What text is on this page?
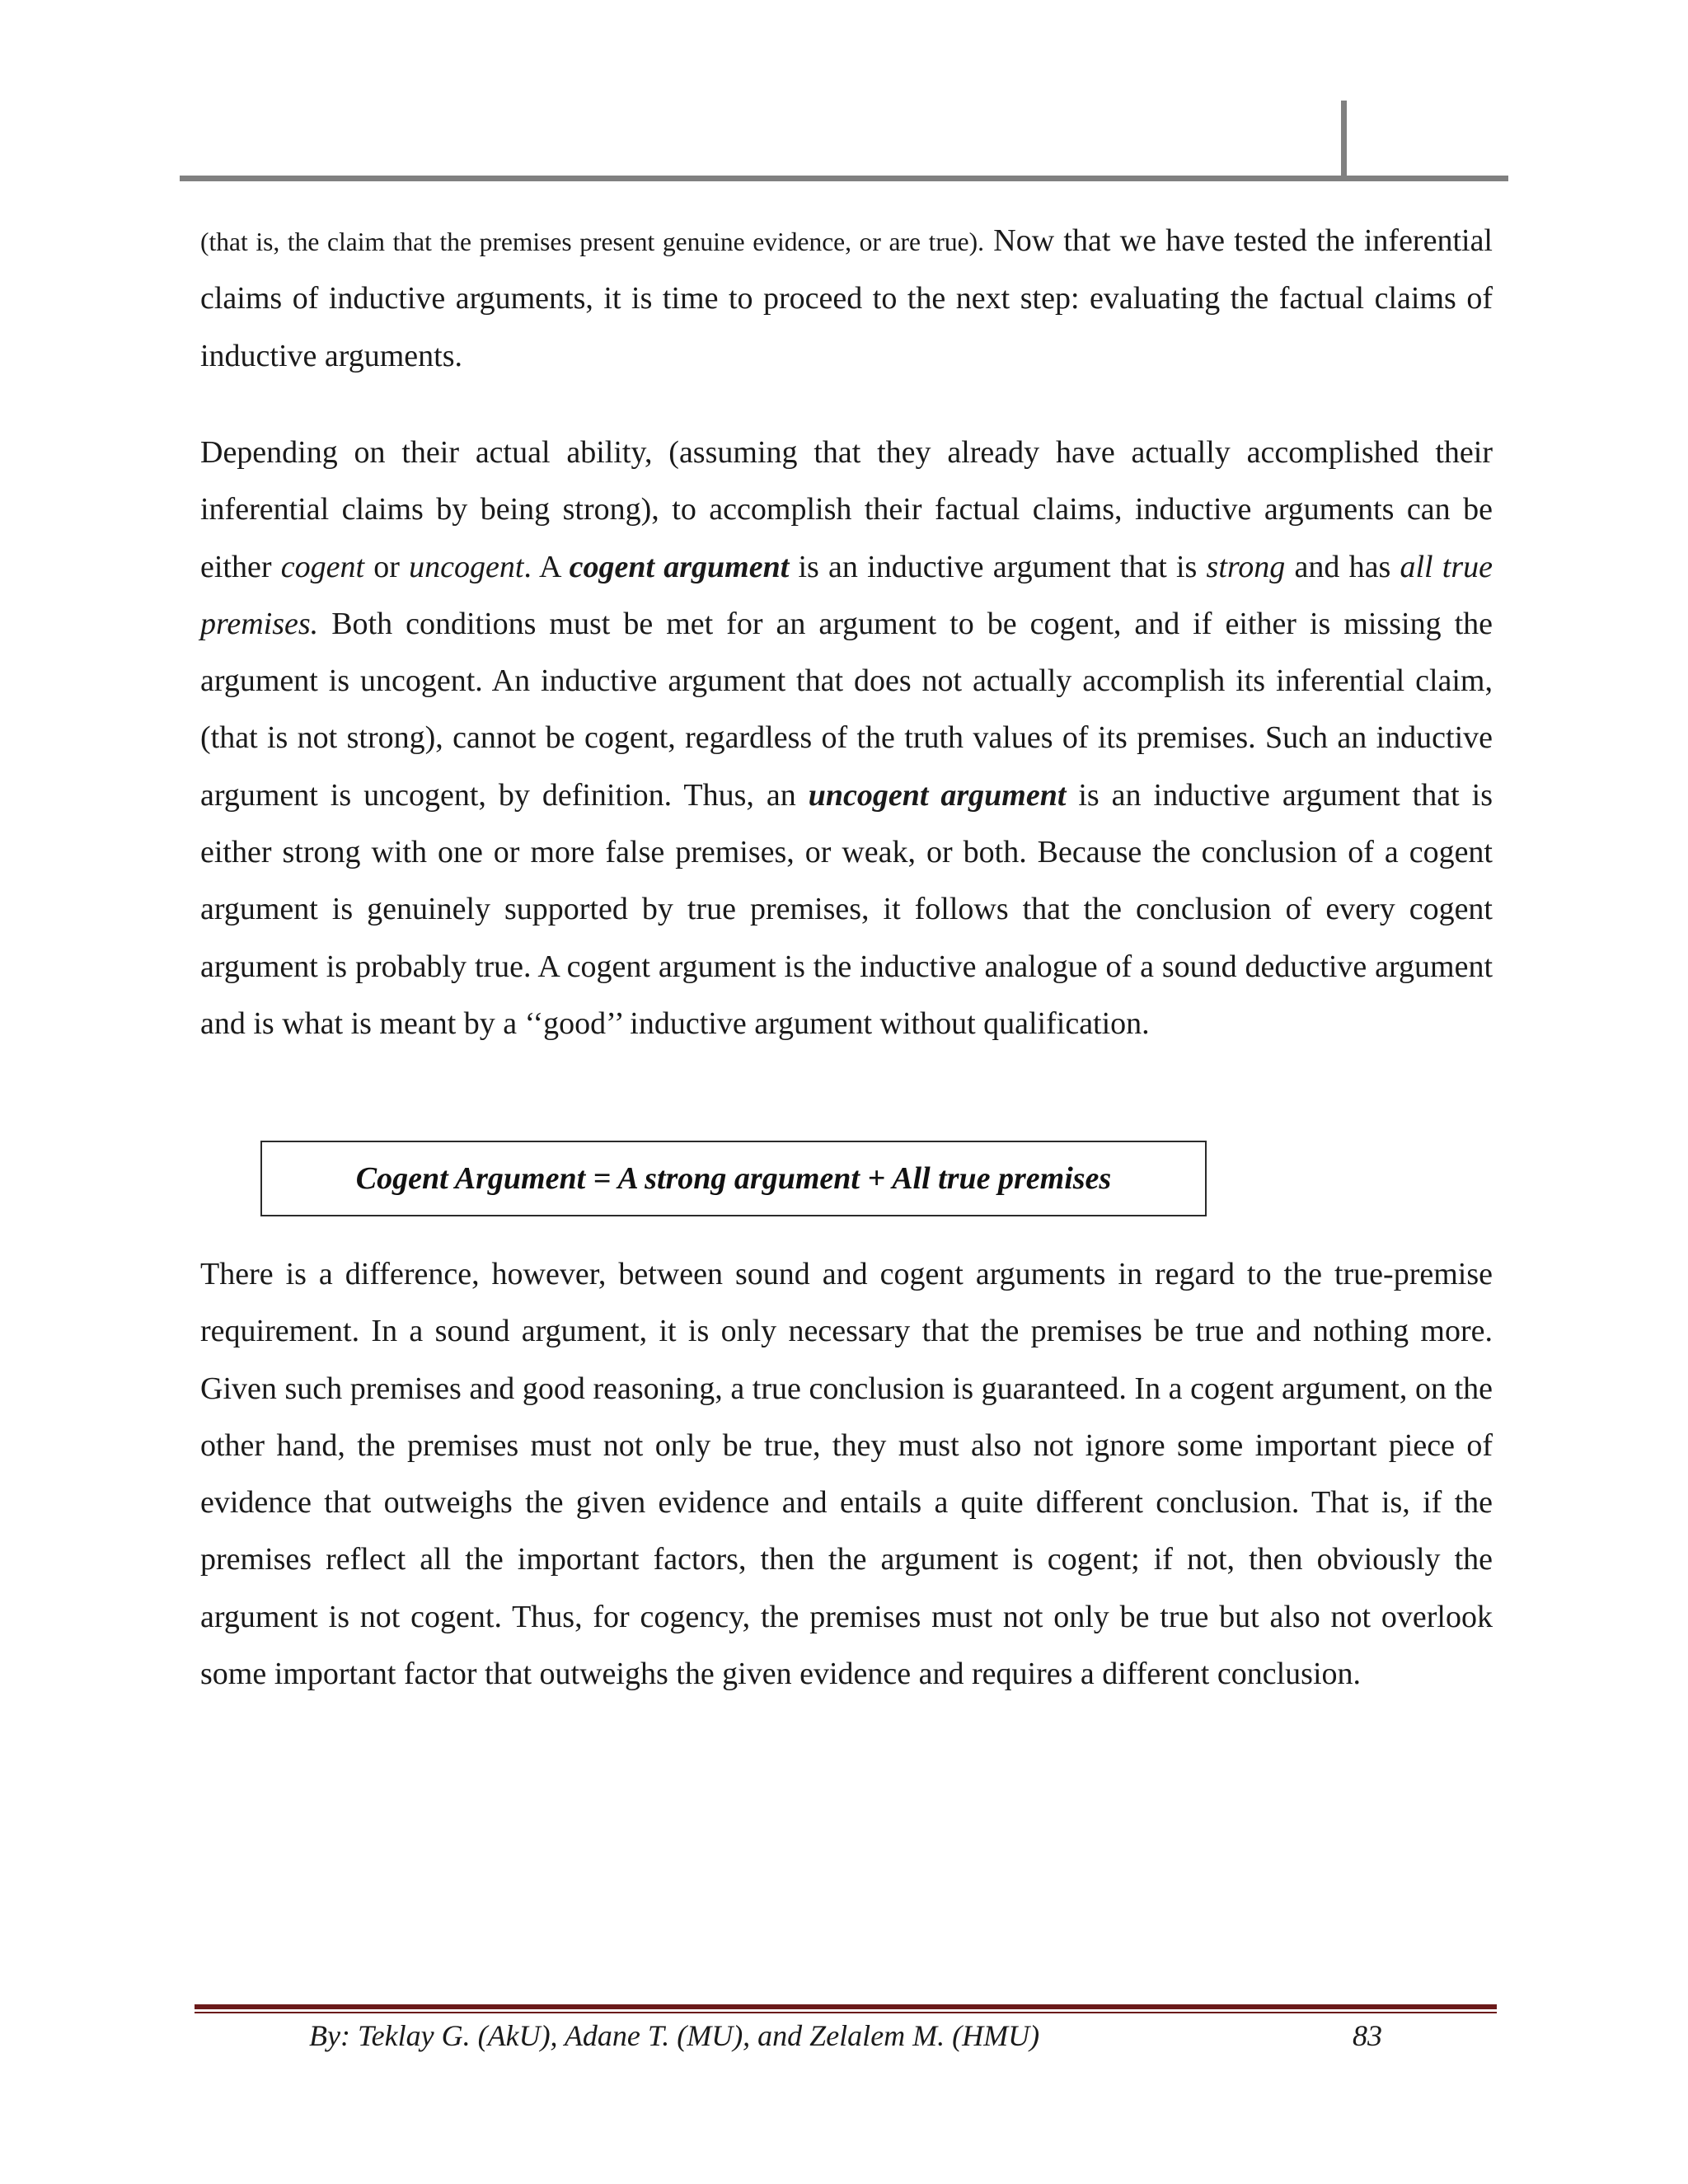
(that is, the claim that the premises present genuine evidence, or are true). Now that we have tested the inferential claims of inductive arguments, it is time to proceed to the next step: evaluating the factual claims of inductive arguments.

Depending on their actual ability, (assuming that they already have actually accomplished their inferential claims by being strong), to accomplish their factual claims, inductive arguments can be either cogent or uncogent. A cogent argument is an inductive argument that is strong and has all true premises. Both conditions must be met for an argument to be cogent, and if either is missing the argument is uncogent. An inductive argument that does not actually accomplish its inferential claim, (that is not strong), cannot be cogent, regardless of the truth values of its premises. Such an inductive argument is uncogent, by definition. Thus, an uncogent argument is an inductive argument that is either strong with one or more false premises, or weak, or both. Because the conclusion of a cogent argument is genuinely supported by true premises, it follows that the conclusion of every cogent argument is probably true. A cogent argument is the inductive analogue of a sound deductive argument and is what is meant by a ‘‘good’’ inductive argument without qualification.

Cogent Argument = A strong argument + All true premises

There is a difference, however, between sound and cogent arguments in regard to the true-premise requirement. In a sound argument, it is only necessary that the premises be true and nothing more. Given such premises and good reasoning, a true conclusion is guaranteed. In a cogent argument, on the other hand, the premises must not only be true, they must also not ignore some important piece of evidence that outweighs the given evidence and entails a quite different conclusion. That is, if the premises reflect all the important factors, then the argument is cogent; if not, then obviously the argument is not cogent. Thus, for cogency, the premises must not only be true but also not overlook some important factor that outweighs the given evidence and requires a different conclusion.

By: Teklay G. (AkU), Adane T. (MU), and Zelalem M. (HMU)	83
